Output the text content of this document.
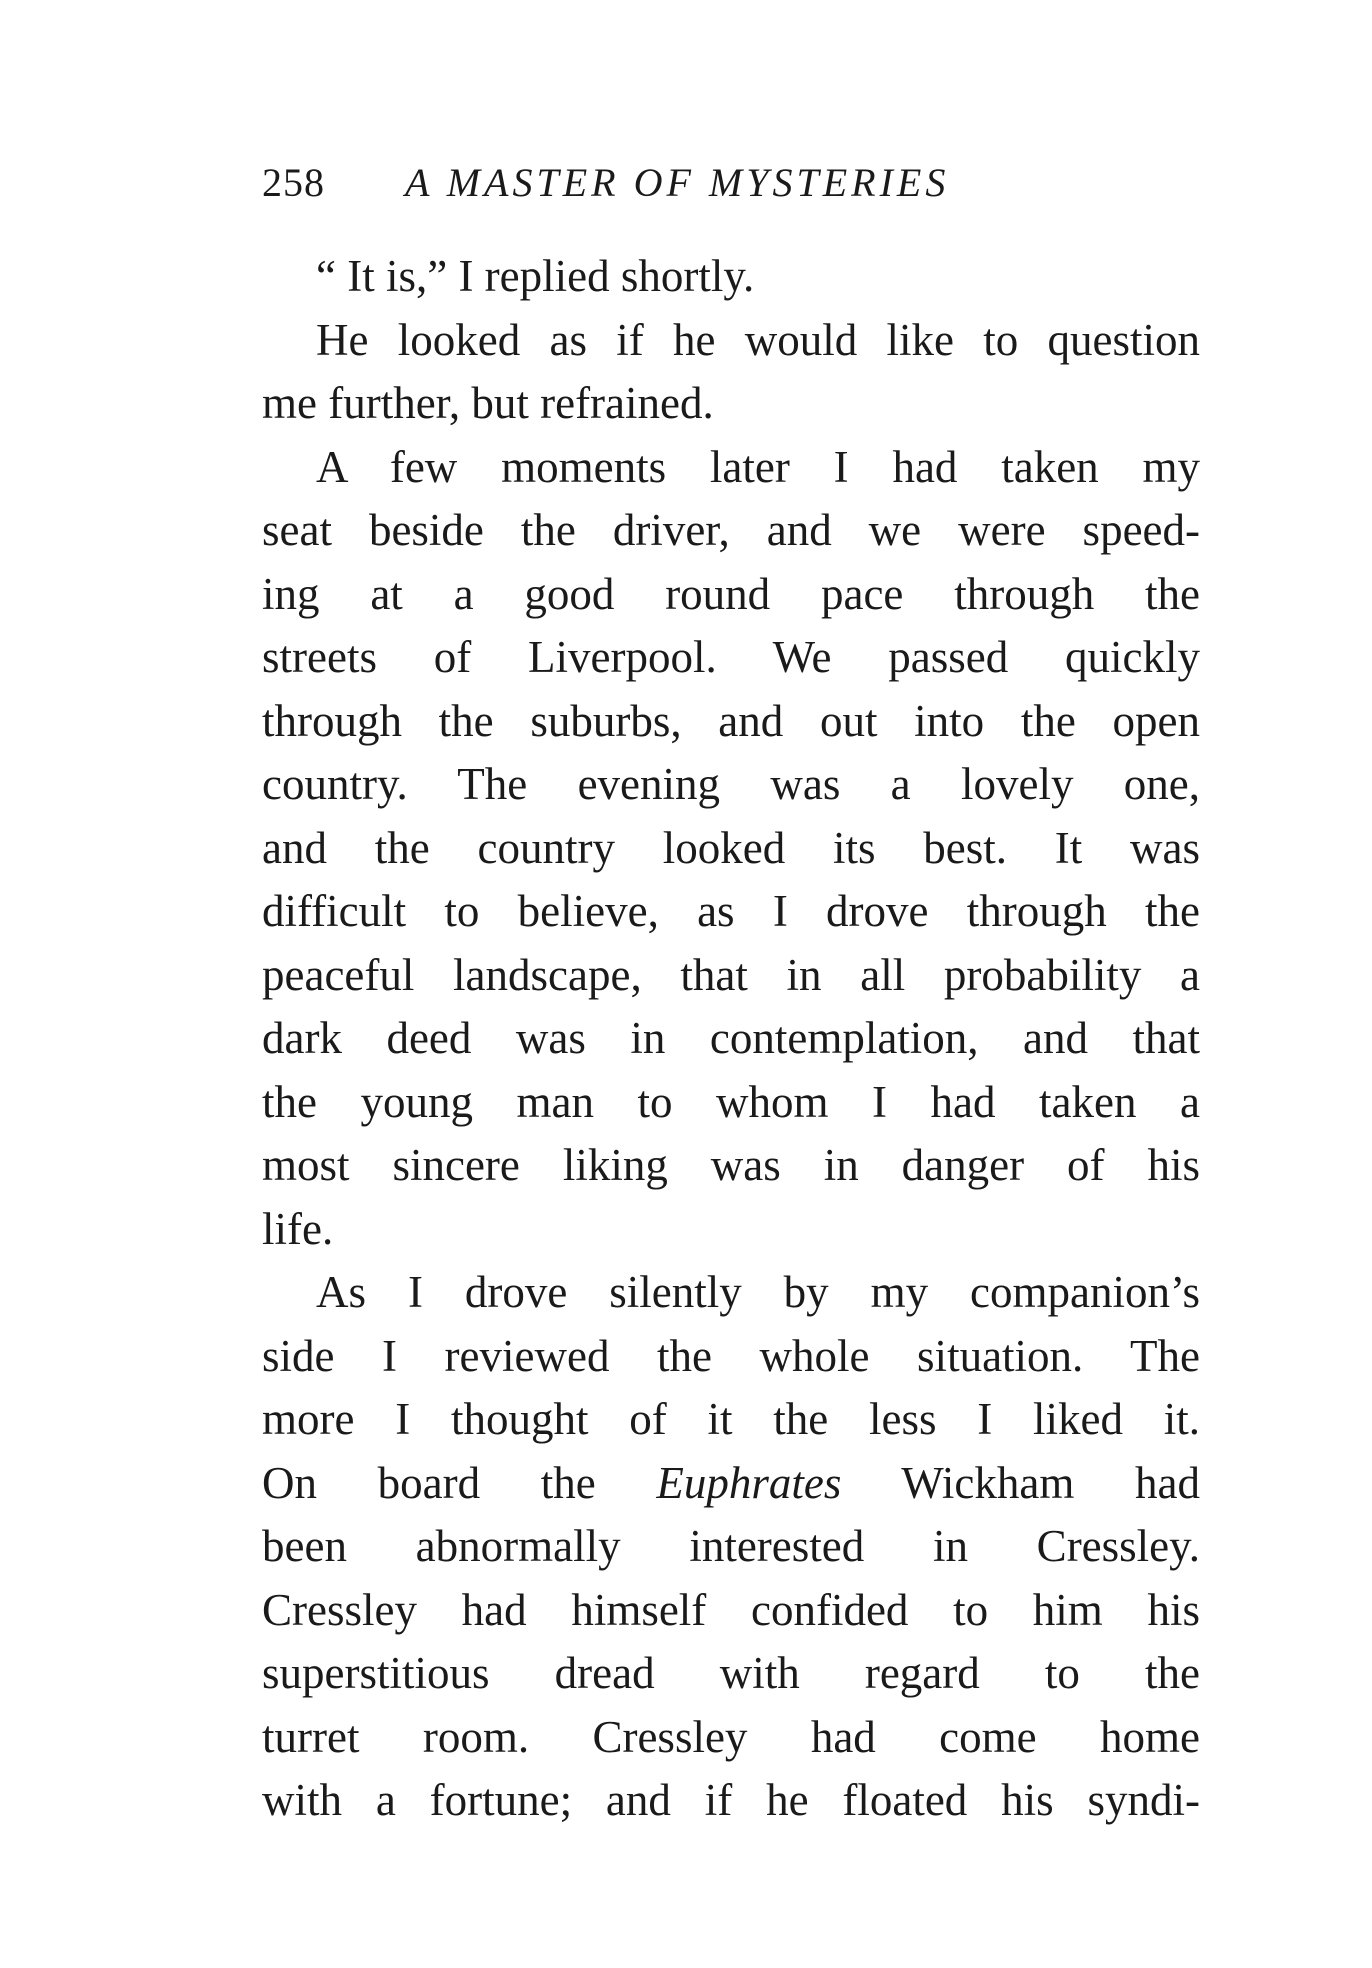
258 A MASTER OF MYSTERIES

“ It is,” I replied shortly.

He looked as if he would like to question
me further, but refrained.

A few moments later I had taken my
seat beside the driver, and we were speed-
ing at a good round pace through the
streets of Liverpool. We passed quickly
through the suburbs, and out into the open
country. The evening was a lovely one,
and the country looked its best. It was
difficult to believe, as I drove through the
peaceful landscape, that in all probability a
dark deed was in contemplation, and that
the young man to whom I had taken a
most sincere liking was in danger of his
life.

As I drove silently by my companion’s
side I reviewed the whole situation. The
more I thought of it the less I liked it.
On board the Euphrates Wickham had
been abnormally interested in Cressley.
Cressley had himself confided to him his
superstitious dread with regard to the
turret room. Cressley had come home
with a fortune; and if he floated his syndi-
